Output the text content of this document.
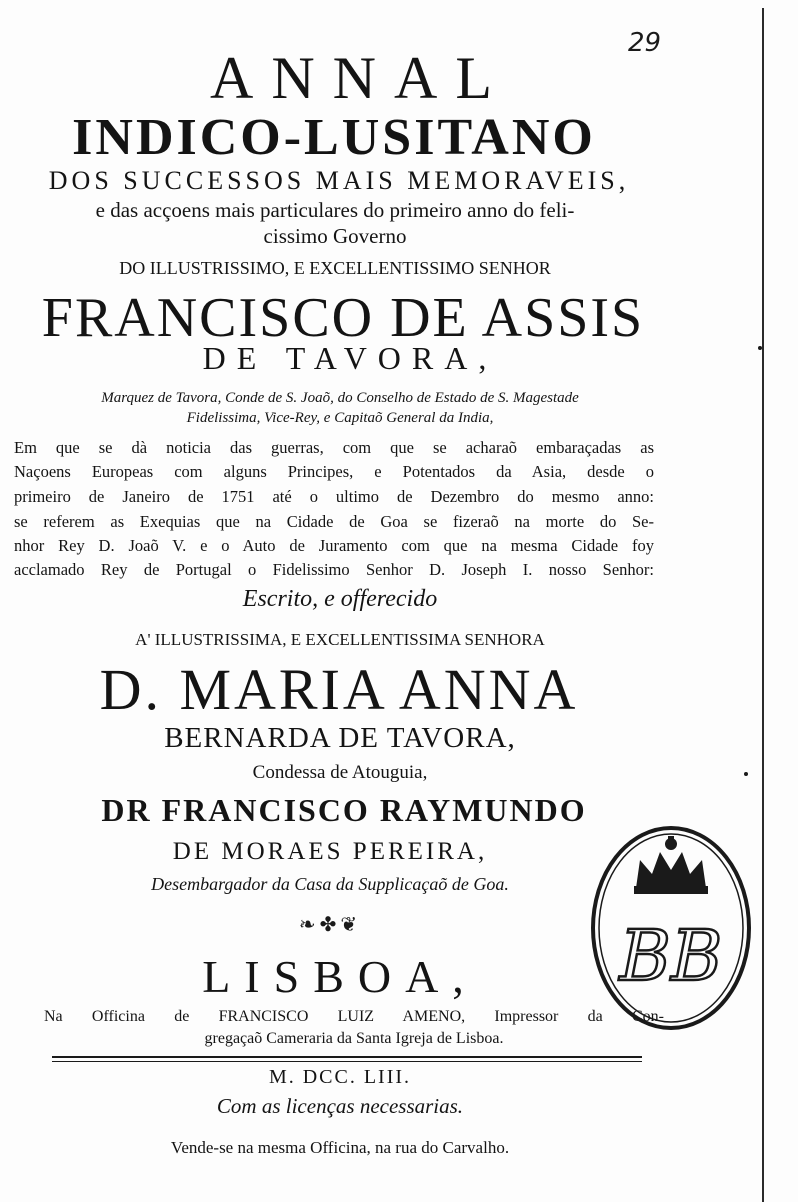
29
ANNAL
INDICO-LUSITANO
DOS SUCCESSOS MAIS MEMORAVEIS,
e das acçoens mais particulares do primeiro anno do feli-
cissimo Governo
DO ILLUSTRISSIMO, E EXCELLENTISSIMO SENHOR
FRANCISCO DE ASSIS
DE TAVORA,
Marquez de Tavora, Conde de S. Joaõ, do Conselho de Estado de S. Magestade
Fidelissima, Vice-Rey, e Capitaõ General da India,
Em que se dà noticia das guerras, com que se acharaõ embaraçadas as
Naçoens Europeas com alguns Principes, e Potentados da Asia, desde o
primeiro de Janeiro de 1751 até o ultimo de Dezembro do mesmo anno:
se referem as Exequias que na Cidade de Goa se fizeraõ na morte do Se-
nhor Rey D. Joaõ V. e o Auto de Juramento com que na mesma Cidade foy
acclamado Rey de Portugal o Fidelissimo Senhor D. Joseph I. nosso Senhor:
Escrito, e offerecido
A' ILLUSTRISSIMA, E EXCELLENTISSIMA SENHORA
D. MARIA ANNA
BERNARDA DE TAVORA,
Condessa de Atouguia,
DR FRANCISCO RAYMUNDO
DE MORAES PEREIRA,
Desembargador da Casa da Supplicaçaõ de Goa.
❧✤❦
LISBOA,
Na Officina de FRANCISCO LUIZ AMENO, Impressor da Con-
gregaçaõ Cameraria da Santa Igreja de Lisboa.
M. DCC. LIII.
Com as licenças necessarias.
Vende-se na mesma Officina, na rua do Carvalho.
BB
